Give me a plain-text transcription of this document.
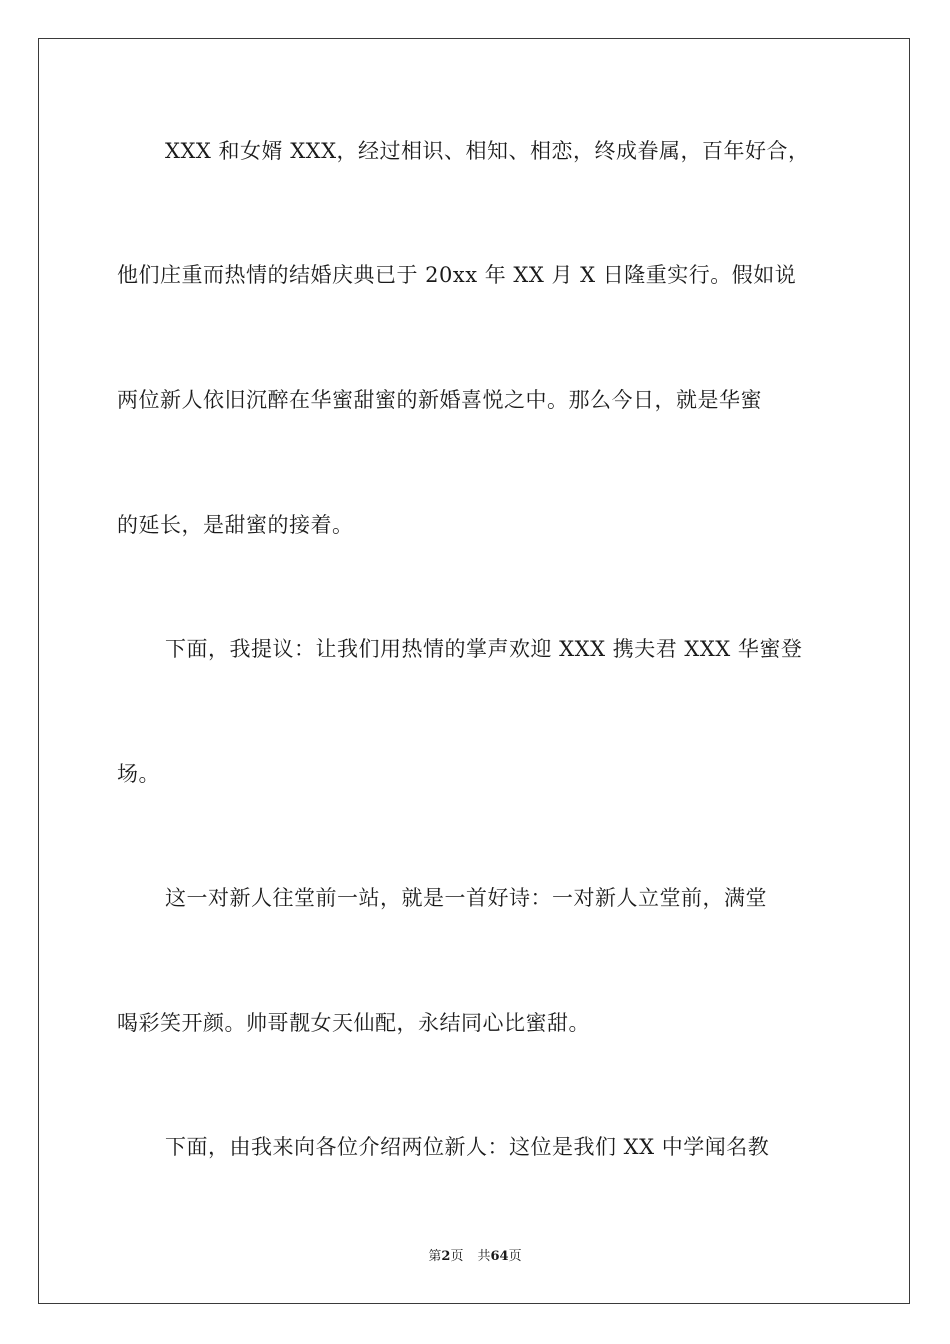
XXX 和女婿 XXX，经过相识、相知、相恋，终成眷属，百年好合，
他们庄重而热情的结婚庆典已于 20xx 年 XX 月 X 日隆重实行。假如说
两位新人依旧沉醉在华蜜甜蜜的新婚喜悦之中。那么今日，就是华蜜
的延长，是甜蜜的接着。
下面，我提议：让我们用热情的掌声欢迎 XXX 携夫君 XXX 华蜜登
场。
这一对新人往堂前一站，就是一首好诗：一对新人立堂前，满堂
喝彩笑开颜。帅哥靓女天仙配，永结同心比蜜甜。
下面，由我来向各位介绍两位新人：这位是我们 XX 中学闻名教
第2页 共64页
